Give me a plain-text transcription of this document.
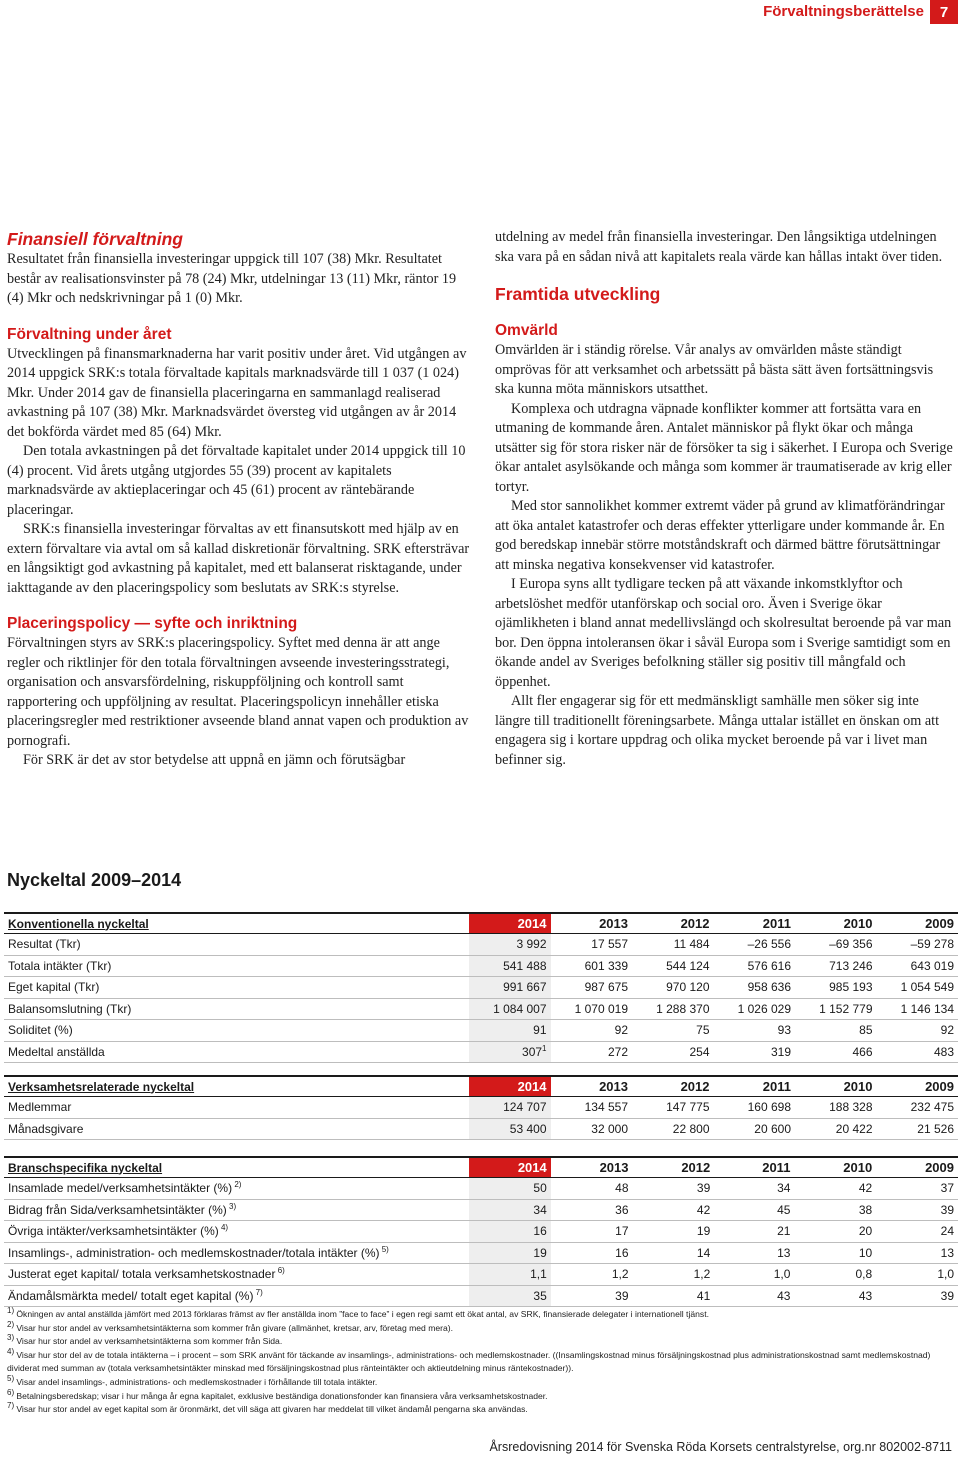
Förvaltningsberättelse	7
Finansiell förvaltning

Resultatet från finansiella investeringar uppgick till 107 (38) Mkr. Resultatet består av realisationsvinster på 78 (24) Mkr, utdelningar 13 (11) Mkr, räntor 19 (4) Mkr och nedskrivningar på 1 (0) Mkr.

Förvaltning under året

Utvecklingen på finansmarknaderna har varit positiv under året. Vid utgången av 2014 uppgick SRK:s totala förvaltade kapitals marknadsvärde till 1 037 (1 024) Mkr. Under 2014 gav de finansiella placeringarna en sammanlagd realiserad avkastning på 107 (38) Mkr. Marknadsvärdet översteg vid utgången av år 2014 det bokförda värdet med 85 (64) Mkr.

Den totala avkastningen på det förvaltade kapitalet under 2014 uppgick till 10 (4) procent. Vid årets utgång utgjordes 55 (39) procent av kapitalets marknadsvärde av aktieplaceringar och 45 (61) procent av räntebärande placeringar.

SRK:s finansiella investeringar förvaltas av ett finansutskott med hjälp av en extern förvaltare via avtal om så kallad diskretionär förvaltning. SRK eftersträvar en långsiktigt god avkastning på kapitalet, med ett balanserat risktagande, under iakttagande av den placeringspolicy som beslutats av SRK:s styrelse.

Placeringspolicy — syfte och inriktning

Förvaltningen styrs av SRK:s placeringspolicy. Syftet med denna är att ange regler och riktlinjer för den totala förvaltningen avseende investeringsstrategi, organisation och ansvarsfördelning, riskuppföljning och kontroll samt rapportering och uppföljning av resultat. Placeringspolicyn innehåller etiska placeringsregler med restriktioner avseende bland annat vapen och produktion av pornografi.

För SRK är det av stor betydelse att uppnå en jämn och förutsägbar

utdelning av medel från finansiella investeringar. Den långsiktiga utdelningen ska vara på en sådan nivå att kapitalets reala värde kan hållas intakt över tiden.

Framtida utveckling
Omvärld

Omvärlden är i ständig rörelse. Vår analys av omvärlden måste ständigt omprövas för att verksamhet och arbetssätt på bästa sätt även fortsättningsvis ska kunna möta människors utsatthet.

Komplexa och utdragna väpnade konflikter kommer att fortsätta vara en utmaning de kommande åren. Antalet människor på flykt ökar och många utsätter sig för stora risker när de försöker ta sig i säkerhet. I Europa och Sverige ökar antalet asylsökande och många som kommer är traumatiserade av krig eller tortyr.

Med stor sannolikhet kommer extremt väder på grund av klimatförändringar att öka antalet katastrofer och deras effekter ytterligare under kommande år. En god beredskap innebär större motståndskraft och därmed bättre förutsättningar att minska negativa konsekvenser vid katastrofer.

I Europa syns allt tydligare tecken på att växande inkomstklyftor och arbetslöshet medför utanförskap och social oro. Även i Sverige ökar ojämlikheten i bland annat medellivslängd och skolresultat beroende på var man bor. Den öppna intoleransen ökar i såväl Europa som i Sverige samtidigt som en ökande andel av Sveriges befolkning ställer sig positiv till mångfald och öppenhet.

Allt fler engagerar sig för ett medmänskligt samhälle men söker sig inte längre till traditionellt föreningsarbete. Många uttalar istället en önskan om att engagera sig i kortare uppdrag och olika mycket beroende på var i livet man befinner sig.

Nyckeltal 2009–2014
Konventionella nyckeltal	2014	2013	2012	2011	2010	2009
Resultat (Tkr)	3 992	17 557	11 484	–26 556	–69 356	–59 278
Totala intäkter (Tkr)	541 488	601 339	544 124	576 616	713 246	643 019
Eget kapital (Tkr)	991 667	987 675	970 120	958 636	985 193	1 054 549
Balansomslutning (Tkr)	1 084 007	1 070 019	1 288 370	1 026 029	1 152 779	1 146 134
Soliditet (%)	91	92	75	93	85	92
Medeltal anställda	$307^1$	272	254	319	466	483
Verksamhetsrelaterade nyckeltal	2014	2013	2012	2011	2010	2009
Medlemmar	124 707	134 557	147 775	160 698	188 328	232 475
Månadsgivare	53 400	32 000	22 800	20 600	20 422	21 526
Branschspecifika nyckeltal	2014	2013	2012	2011	2010	2009
Insamlade medel/verksamhetsintäkter (%) $^{2)}$	50	48	39	34	42	37
Bidrag från Sida/verksamhetsintäkter (%) $^{3)}$	34	36	42	45	38	39
Övriga intäkter/verksamhetsintäkter (%) $^{4)}$	16	17	19	21	20	24
Insamlings-, administration- och medlemskostnader/totala intäkter (%) $^{5)}$	19	16	14	13	10	13
Justerat eget kapital/ totala verksamhetskostnader $^{6)}$	1,1	1,2	1,2	1,0	0,8	1,0
Ändamålsmärkta medel/ totalt eget kapital (%) $^{7)}$	35	39	41	43	43	39

$^{1)}$ Ökningen av antal anställda jämfört med 2013 förklaras främst av fler anställda inom ”face to face” i egen regi samt ett ökat antal, av SRK, finansierade delegater i internationell tjänst.

$^{2)}$ Visar hur stor andel av verksamhetsintäkterna som kommer från givare (allmänhet, kretsar, arv, företag med mera).

$^{3)}$ Visar hur stor andel av verksamhetsintäkterna som kommer från Sida.

$^{4)}$ Visar hur stor del av de totala intäkterna – i procent – som SRK använt för täckande av insamlings-, administrations- och medlemskostnader. ((Insamlingskostnad minus försäljningskostnad plus administrationskostnad samt medlemskostnad) dividerat med summan av (totala verksamhetsintäkter minskad med försäljningskostnad plus ränteintäkter och aktieutdelning minus räntekostnader)).

$^{5)}$ Visar andel insamlings-, administrations- och medlemskostnader i förhållande till totala intäkter.

$^{6)}$ Betalningsberedskap; visar i hur många år egna kapitalet, exklusive beständiga donationsfonder kan finansiera våra verksamhetskostnader.

$^{7)}$ Visar hur stor andel av eget kapital som är öronmärkt, det vill säga att givaren har meddelat till vilket ändamål pengarna ska användas.

Årsredovisning 2014 för Svenska Röda Korsets centralstyrelse, org.nr 802002-8711
